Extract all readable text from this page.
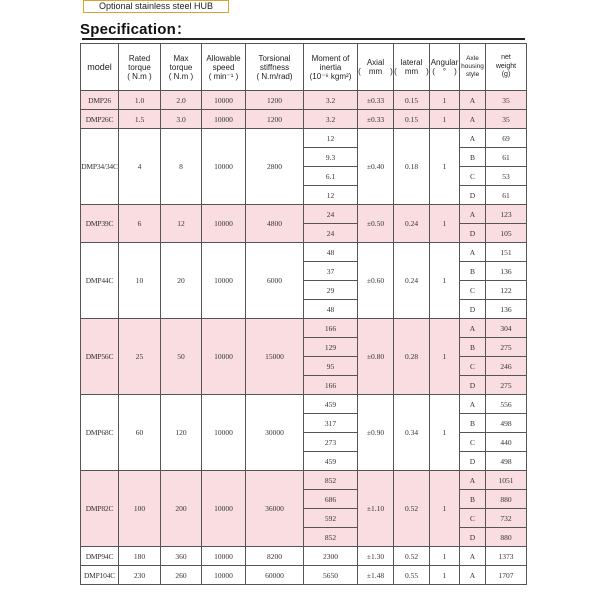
Optional stainless steel HUB
Specification：
model	Rated
torque
( N.m )	Max torque
( N.m )	Allowable
speed
( min⁻¹ )	Torsional
stiffness
( N.m/rad)	Moment of
inertia
(10⁻⁶ kgm²)	Axial
(　mm　)	lateral
(　mm　)	Angular
(　°　)	Axle
housing
style	net
weight
(g)
DMP26	1.0	2.0	10000	1200	3.2	±0.33	0.15	1	A	35
DMP26C	1.5	3.0	10000	1200	3.2	±0.33	0.15	1	A	35
DMP34/34C	4	8	10000	2800	12	±0.40	0.18	1	A	69
					9.3				B	61
					6.1				C	53
					12				D	61
DMP39C	6	12	10000	4800	24	±0.50	0.24	1	A	123
					24				D	105
DMP44C	10	20	10000	6000	48	±0.60	0.24	1	A	151
					37				B	136
					29				C	122
					48				D	136
DMP56C	25	50	10000	15000	166	±0.80	0.28	1	A	304
					129				B	275
					95				C	246
					166				D	275
DMP68C	60	120	10000	30000	459	±0.90	0.34	1	A	556
					317				B	498
					273				C	440
					459				D	498
DMP82C	100	200	10000	36000	852	±1.10	0.52	1	A	1051
					686				B	880
					592				C	732
					852				D	880
DMP94C	180	360	10000	8200	2300	±1.30	0.52	1	A	1373
DMP104C	230	260	10000	60000	5650	±1.48	0.55	1	A	1707
